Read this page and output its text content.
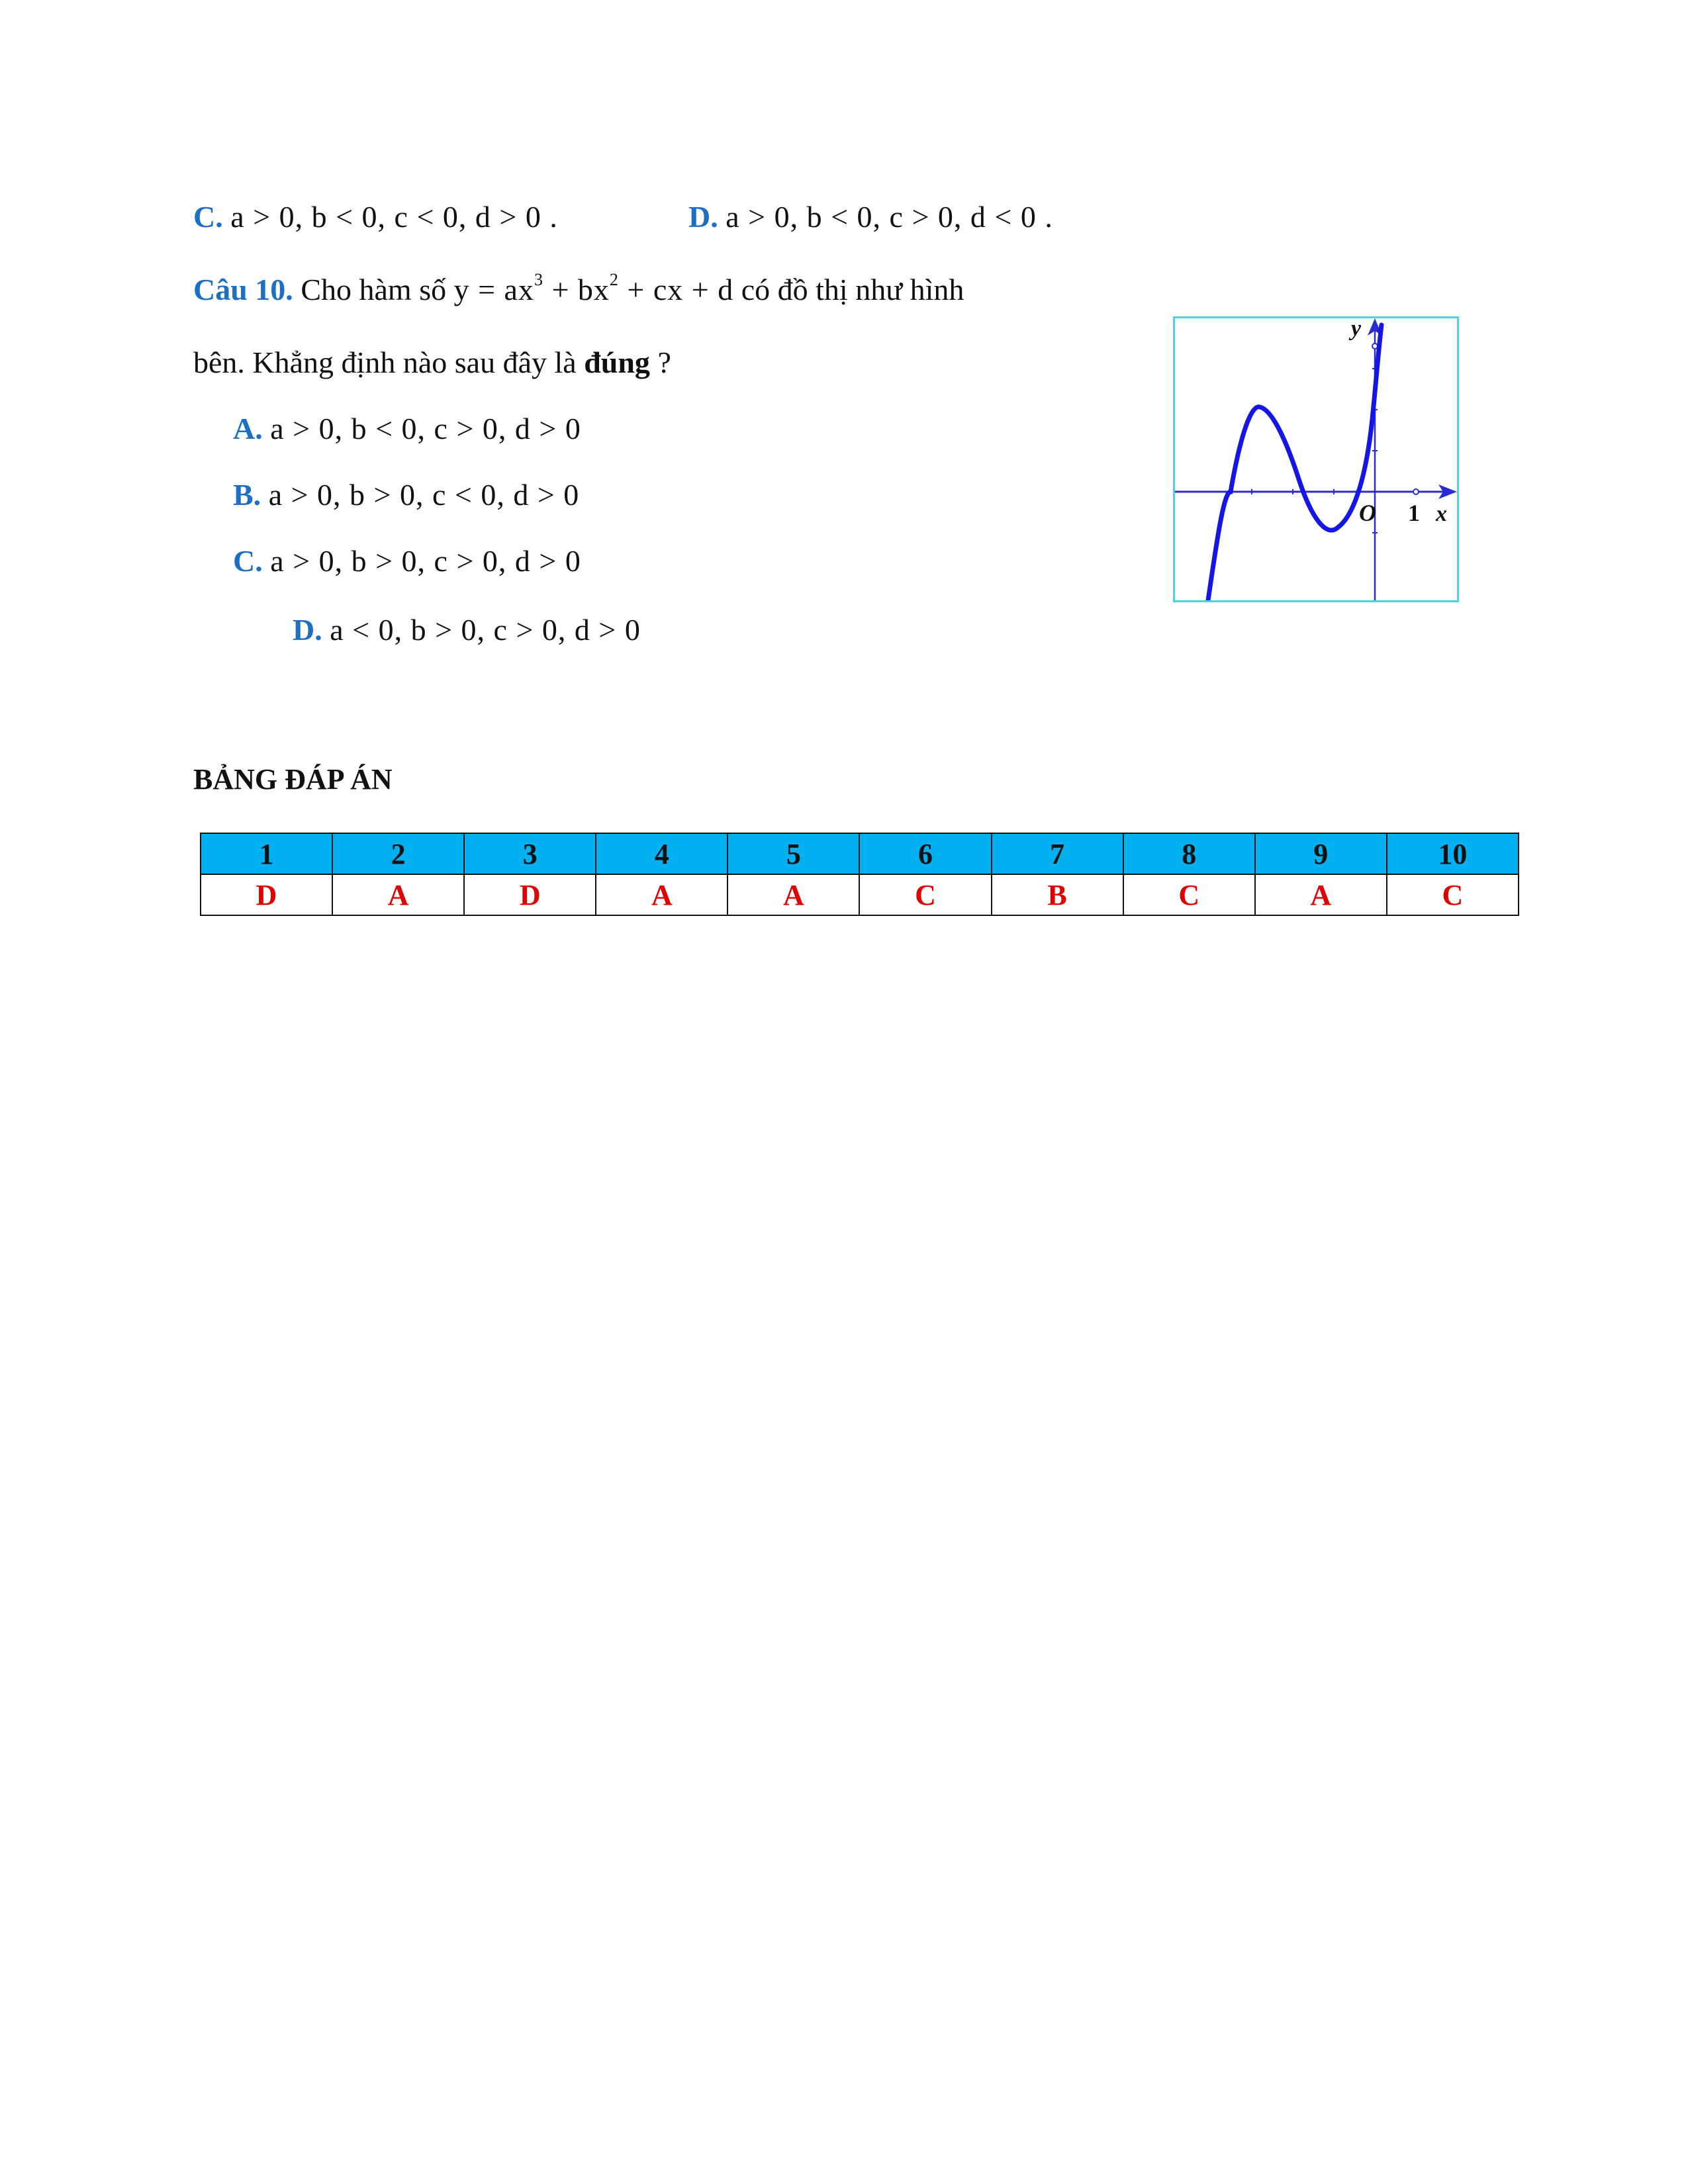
C. a > 0, b < 0, c < 0, d > 0 .	D. a > 0, b < 0, c > 0, d < 0 .
Câu 10. Cho hàm số $y = ax^3 + bx^2$ + cx + d có đồ thị như hình
bên. Khẳng định nào sau đây là đúng ?
A. a > 0, b < 0, c > 0, d > 0
B. a > 0, b > 0, c < 0, d > 0
C. a > 0, b > 0, c > 0, d > 0
D. a < 0, b > 0, c > 0, d > 0
y
O 1 x
BẢNG ĐÁP ÁN
1	2	3	4	5	6	7	8	9	10
D	A	D	A	A	C	B	C	A	C
